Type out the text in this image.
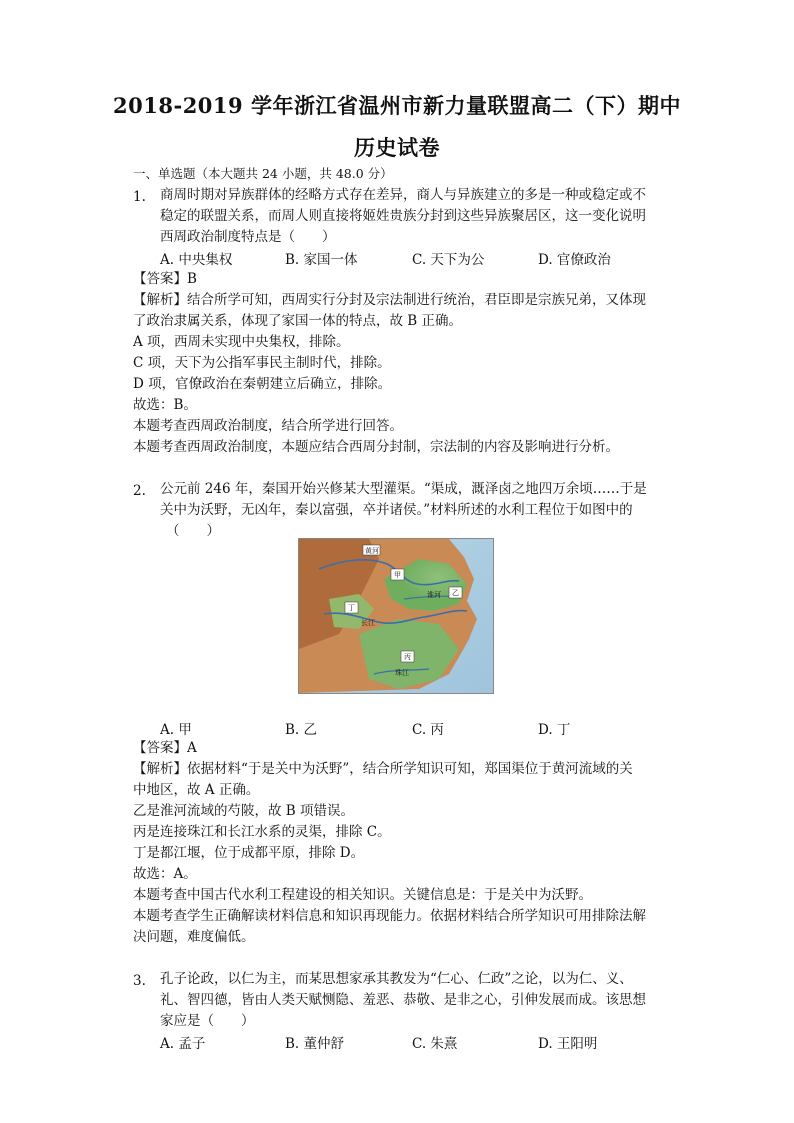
2018-2019 学年浙江省温州市新力量联盟高二（下）期中
历史试卷
一、单选题（本大题共 24 小题，共 48.0 分）
1. 商周时期对异族群体的经略方式存在差异，商人与异族建立的多是一种或稳定或不
稳定的联盟关系，而周人则直接将姬姓贵族分封到这些异族聚居区，这一变化说明
西周政治制度特点是（　　）
A. 中央集权	B. 家国一体	C. 天下为公	D. 官僚政治
【答案】B
【解析】结合所学可知，西周实行分封及宗法制进行统治，君臣即是宗族兄弟，又体现
了政治隶属关系，体现了家国一体的特点，故 B 正确。
A 项，西周未实现中央集权，排除。
C 项，天下为公指军事民主制时代，排除。
D 项，官僚政治在秦朝建立后确立，排除。
故选：B。
本题考查西周政治制度，结合所学进行回答。
本题考查西周政治制度，本题应结合西周分封制，宗法制的内容及影响进行分析。
2. 公元前 246 年，秦国开始兴修某大型灌渠。“渠成，溉泽卤之地四万余顷……于是
关中为沃野，无凶年，秦以富强，卒并诸侯。”材料所述的水利工程位于如图中的
（　　）
黄河
甲
乙
淮河
丁
长江
丙
珠江
A. 甲	B. 乙	C. 丙	D. 丁
【答案】A
【解析】依据材料“于是关中为沃野”，结合所学知识可知，郑国渠位于黄河流域的关
中地区，故 A 正确。
乙是淮河流域的芍陂，故 B 项错误。
丙是连接珠江和长江水系的灵渠，排除 C。
丁是都江堰，位于成都平原，排除 D。
故选：A。
本题考查中国古代水利工程建设的相关知识。关键信息是：于是关中为沃野。
本题考查学生正确解读材料信息和知识再现能力。依据材料结合所学知识可用排除法解
决问题，难度偏低。
3. 孔子论政，以仁为主，而某思想家承其教发为“仁心、仁政”之论，以为仁、义、
礼、智四德，皆由人类天赋恻隐、羞恶、恭敬、是非之心，引伸发展而成。该思想
家应是（　　）
A. 孟子	B. 董仲舒	C. 朱熹	D. 王阳明
